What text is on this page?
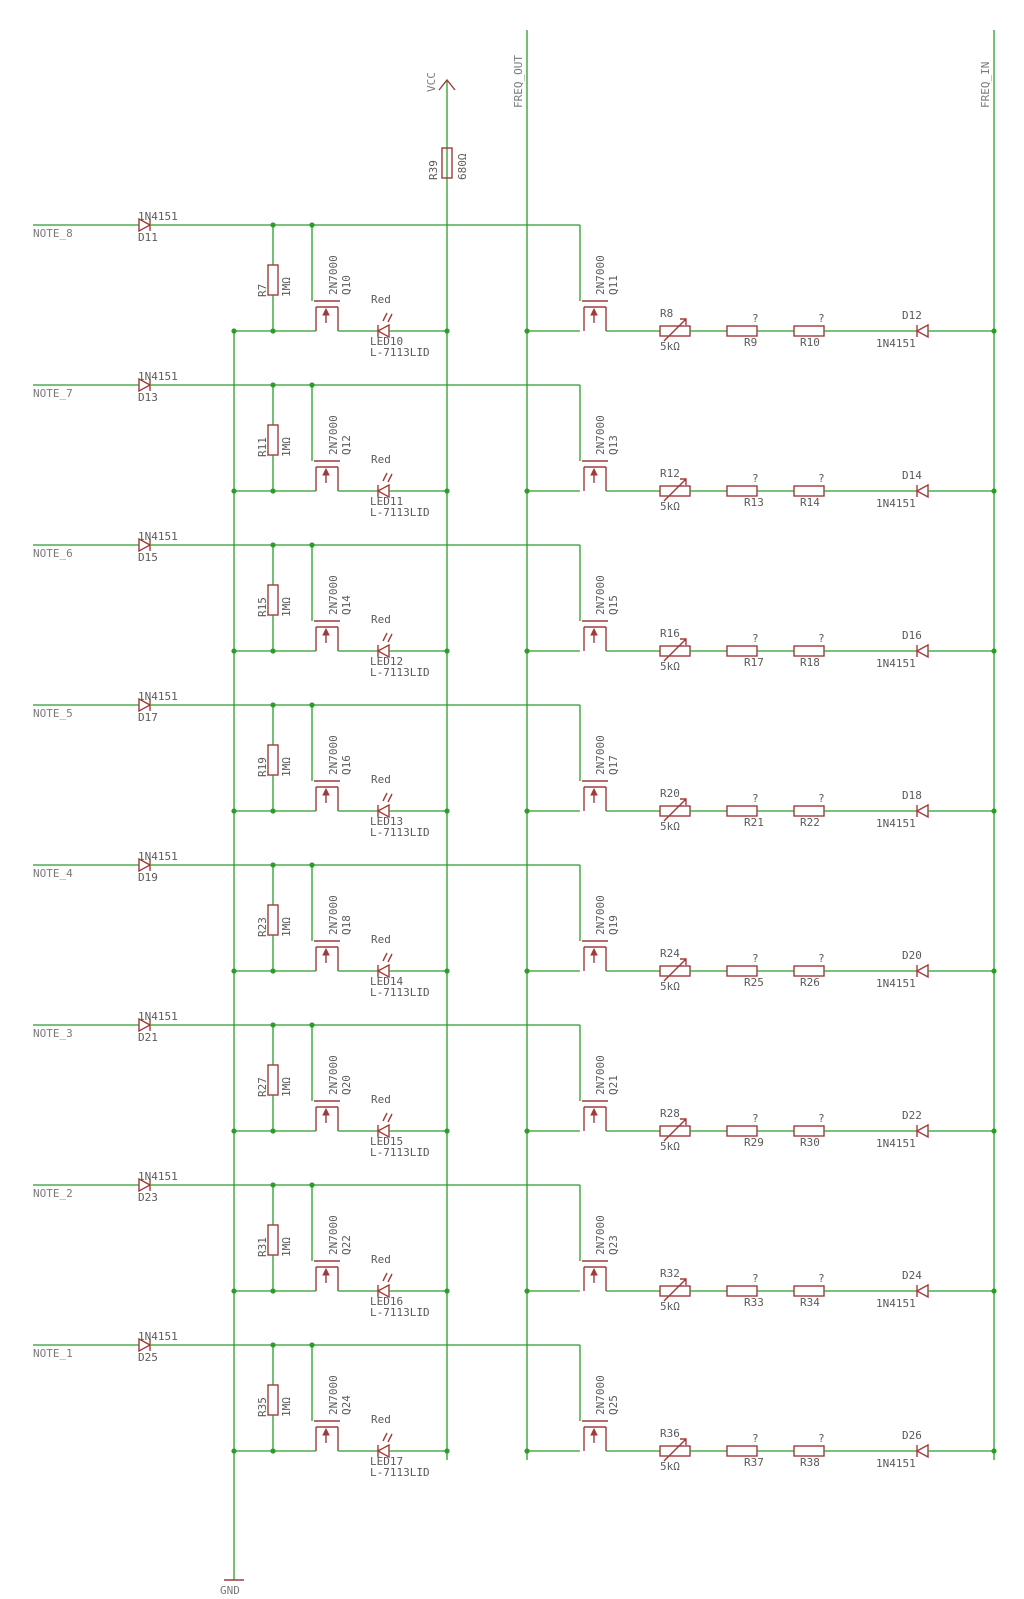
VCC
R39 680Ω
GND
FREQ_OUT	FREQ_IN
NOTE_8
1N4151
D11
R7 1MΩ	2N7000 Q10
Red
LED10
L-7113LID
2N7000 Q11
R8
5kΩ
?
R9
?
R10
D12
1N4151
NOTE_7
1N4151
D13
R11 1MΩ	2N7000 Q12
Red
LED11
L-7113LID
2N7000 Q13
R12
5kΩ
?
R13
?
R14
D14
1N4151
NOTE_6
1N4151
D15
R15 1MΩ	2N7000 Q14
Red
LED12
L-7113LID
2N7000 Q15
R16
5kΩ
?
R17
?
R18
D16
1N4151
NOTE_5
1N4151
D17
R19 1MΩ	2N7000 Q16
Red
LED13
L-7113LID
2N7000 Q17
R20
5kΩ
?
R21
?
R22
D18
1N4151
NOTE_4
1N4151
D19
R23 1MΩ	2N7000 Q18
Red
LED14
L-7113LID
2N7000 Q19
R24
5kΩ
?
R25
?
R26
D20
1N4151
NOTE_3
1N4151
D21
R27 1MΩ	2N7000 Q20
Red
LED15
L-7113LID
2N7000 Q21
R28
5kΩ
?
R29
?
R30
D22
1N4151
NOTE_2
1N4151
D23
R31 1MΩ	2N7000 Q22
Red
LED16
L-7113LID
2N7000 Q23
R32
5kΩ
?
R33
?
R34
D24
1N4151
NOTE_1
1N4151
D25
R35 1MΩ	2N7000 Q24
Red
LED17
L-7113LID
2N7000 Q25
R36
5kΩ
?
R37
?
R38
D26
1N4151
